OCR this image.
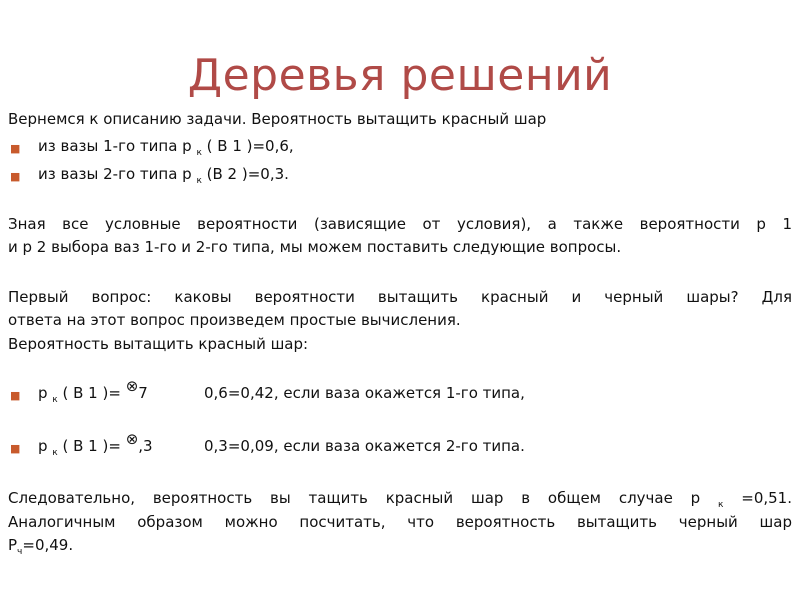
Деревья решений
Вернемся к описанию задачи. Вероятность вытащить красный шар
■ из вазы 1-го типа р $_к$ ( В 1 )=0,6,
■ из вазы 2-го типа р $_к$ (В 2 )=0,3.
Зная все условные вероятности (зависящие от условия), а также вероятности р 1
и р 2 выбора ваз 1-го и 2-го типа, мы можем поставить следующие вопросы.
Первый вопрос: каковы вероятности вытащить красный и черный шары? Для
ответа на этот вопрос произведем простые вычисления.
Вероятность вытащить красный шар:
■ р $_к$ ( В 1 )= ⊗7	0,6=0,42, если ваза окажется 1-го типа,
■ р $_к$ ( В 1 )= ⊗,3	0,3=0,09, если ваза окажется 2-го типа.
Следовательно, вероятность вы тащить красный шар в общем случае р $_к$ =0,51.
Аналогичным образом можно посчитать, что вероятность вытащить черный шар
$Р_ч=0,49$.
